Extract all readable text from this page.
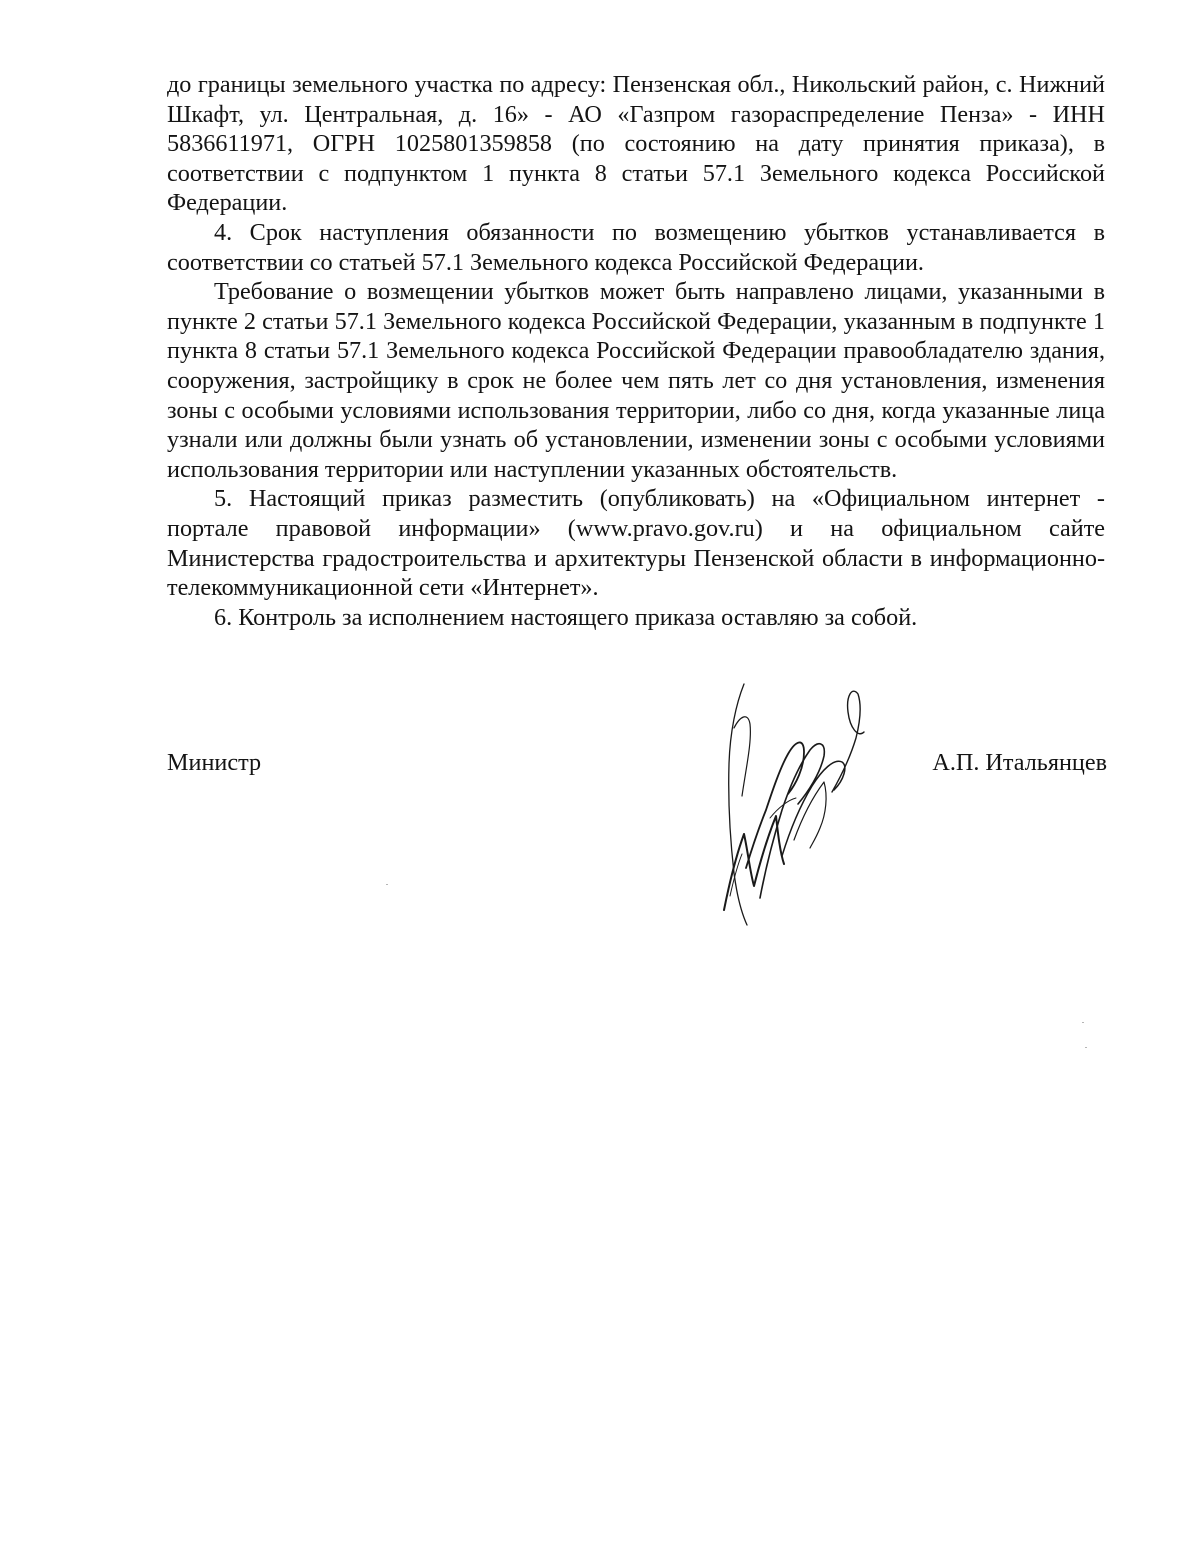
до границы земельного участка по адресу: Пензенская обл., Никольский район, с. Нижний Шкафт, ул. Центральная, д. 16» - АО «Газпром газораспределение Пенза» - ИНН 5836611971, ОГРН 1025801359858 (по состоянию на дату принятия приказа), в соответствии с подпунктом 1 пункта 8 статьи 57.1 Земельного кодекса Российской Федерации.

4. Срок наступления обязанности по возмещению убытков устанавливается в соответствии со статьей 57.1 Земельного кодекса Российской Федерации.

Требование о возмещении убытков может быть направлено лицами, указанными в пункте 2 статьи 57.1 Земельного кодекса Российской Федерации, указанным в подпункте 1 пункта 8 статьи 57.1 Земельного кодекса Российской Федерации правообладателю здания, сооружения, застройщику в срок не более чем пять лет со дня установления, изменения зоны с особыми условиями использования территории, либо со дня, когда указанные лица узнали или должны были узнать об установлении, изменении зоны с особыми условиями использования территории или наступлении указанных обстоятельств.

5. Настоящий приказ разместить (опубликовать) на «Официальном интернет - портале правовой информации» (www.pravo.gov.ru) и на официальном сайте Министерства градостроительства и архитектуры Пензенской области в информационно-телекоммуникационной сети «Интернет».

6. Контроль за исполнением настоящего приказа оставляю за собой.

Министр	А.П. Итальянцев
